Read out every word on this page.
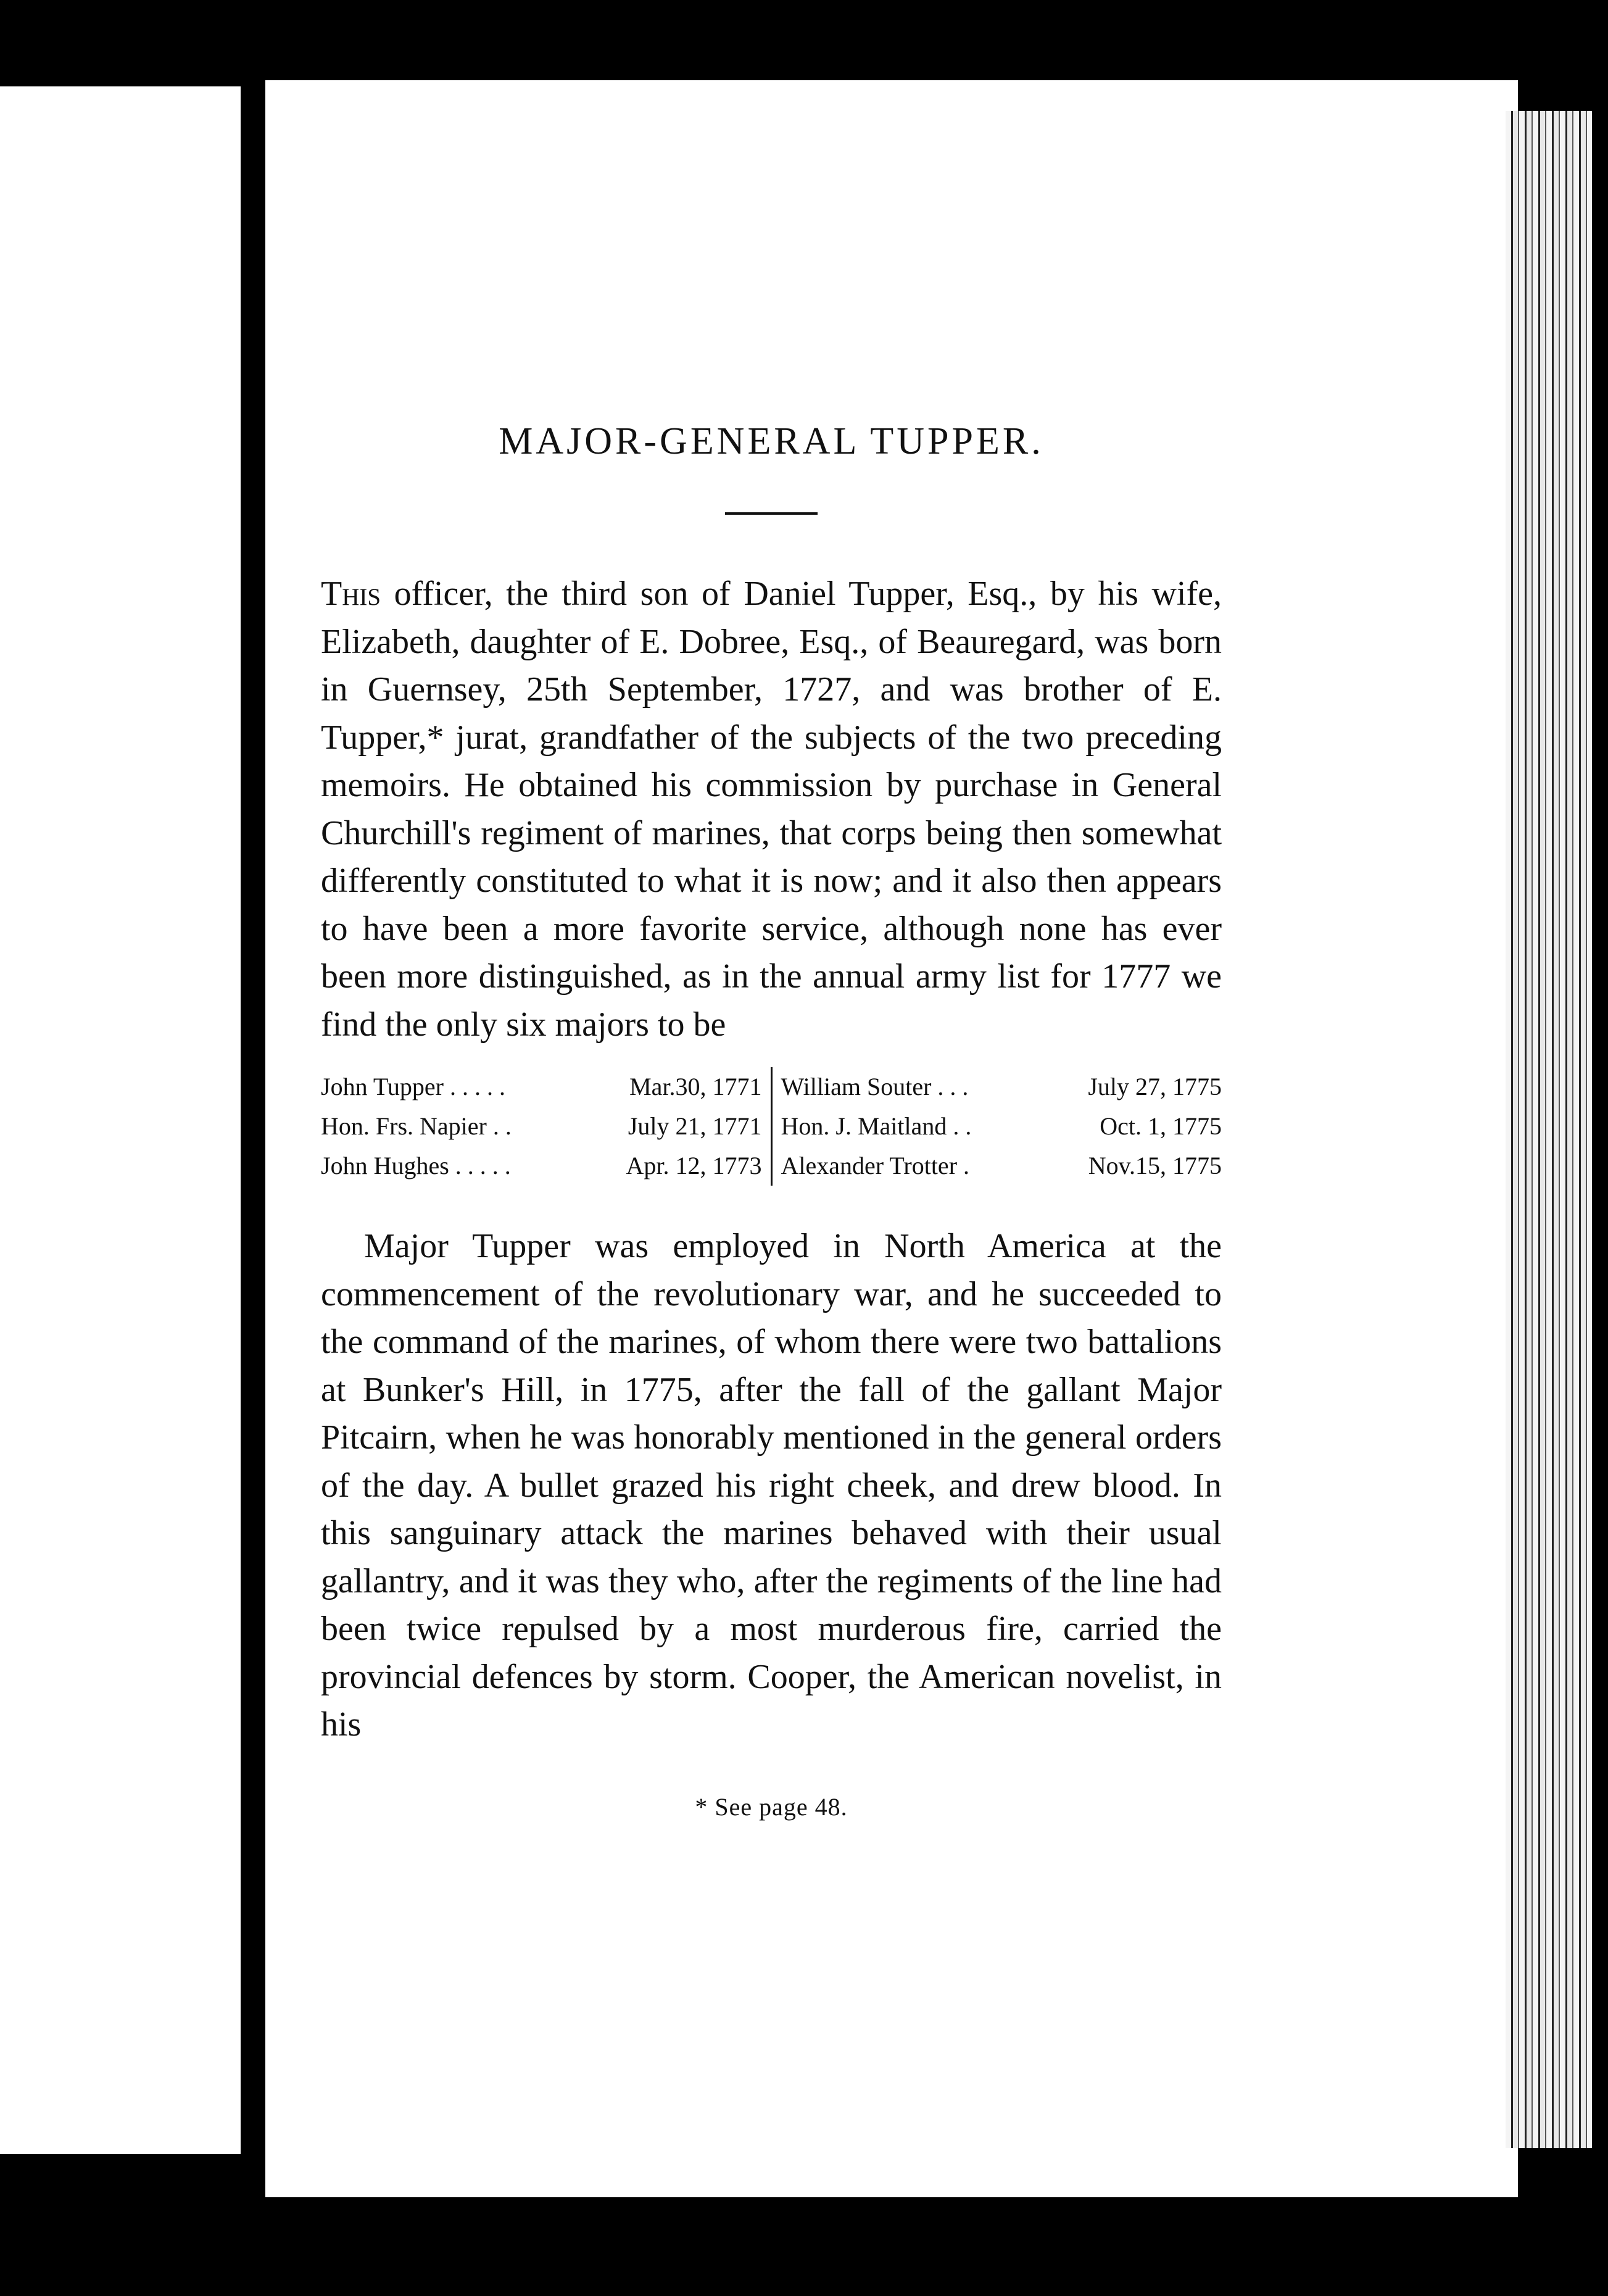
MAJOR-GENERAL TUPPER.

This officer, the third son of Daniel Tupper, Esq., by his wife, Elizabeth, daughter of E. Dobree, Esq., of Beauregard, was born in Guernsey, 25th September, 1727, and was brother of E. Tupper,* jurat, grandfather of the subjects of the two preceding memoirs. He obtained his commission by purchase in General Churchill's regiment of marines, that corps being then somewhat differently constituted to what it is now; and it also then appears to have been a more favorite service, although none has ever been more distinguished, as in the annual army list for 1777 we find the only six majors to be

John Tupper . . . . .	Mar.30, 1771
Hon. Frs. Napier . .	July 21, 1771
John Hughes . . . . .	Apr. 12, 1773
William Souter . . .	July 27, 1775
Hon. J. Maitland . .	Oct. 1, 1775
Alexander Trotter .	Nov.15, 1775

Major Tupper was employed in North America at the commencement of the revolutionary war, and he succeeded to the command of the marines, of whom there were two battalions at Bunker's Hill, in 1775, after the fall of the gallant Major Pitcairn, when he was honorably mentioned in the general orders of the day. A bullet grazed his right cheek, and drew blood. In this sanguinary attack the marines behaved with their usual gallantry, and it was they who, after the regiments of the line had been twice repulsed by a most murderous fire, carried the provincial defences by storm. Cooper, the American novelist, in his

* See page 48.
